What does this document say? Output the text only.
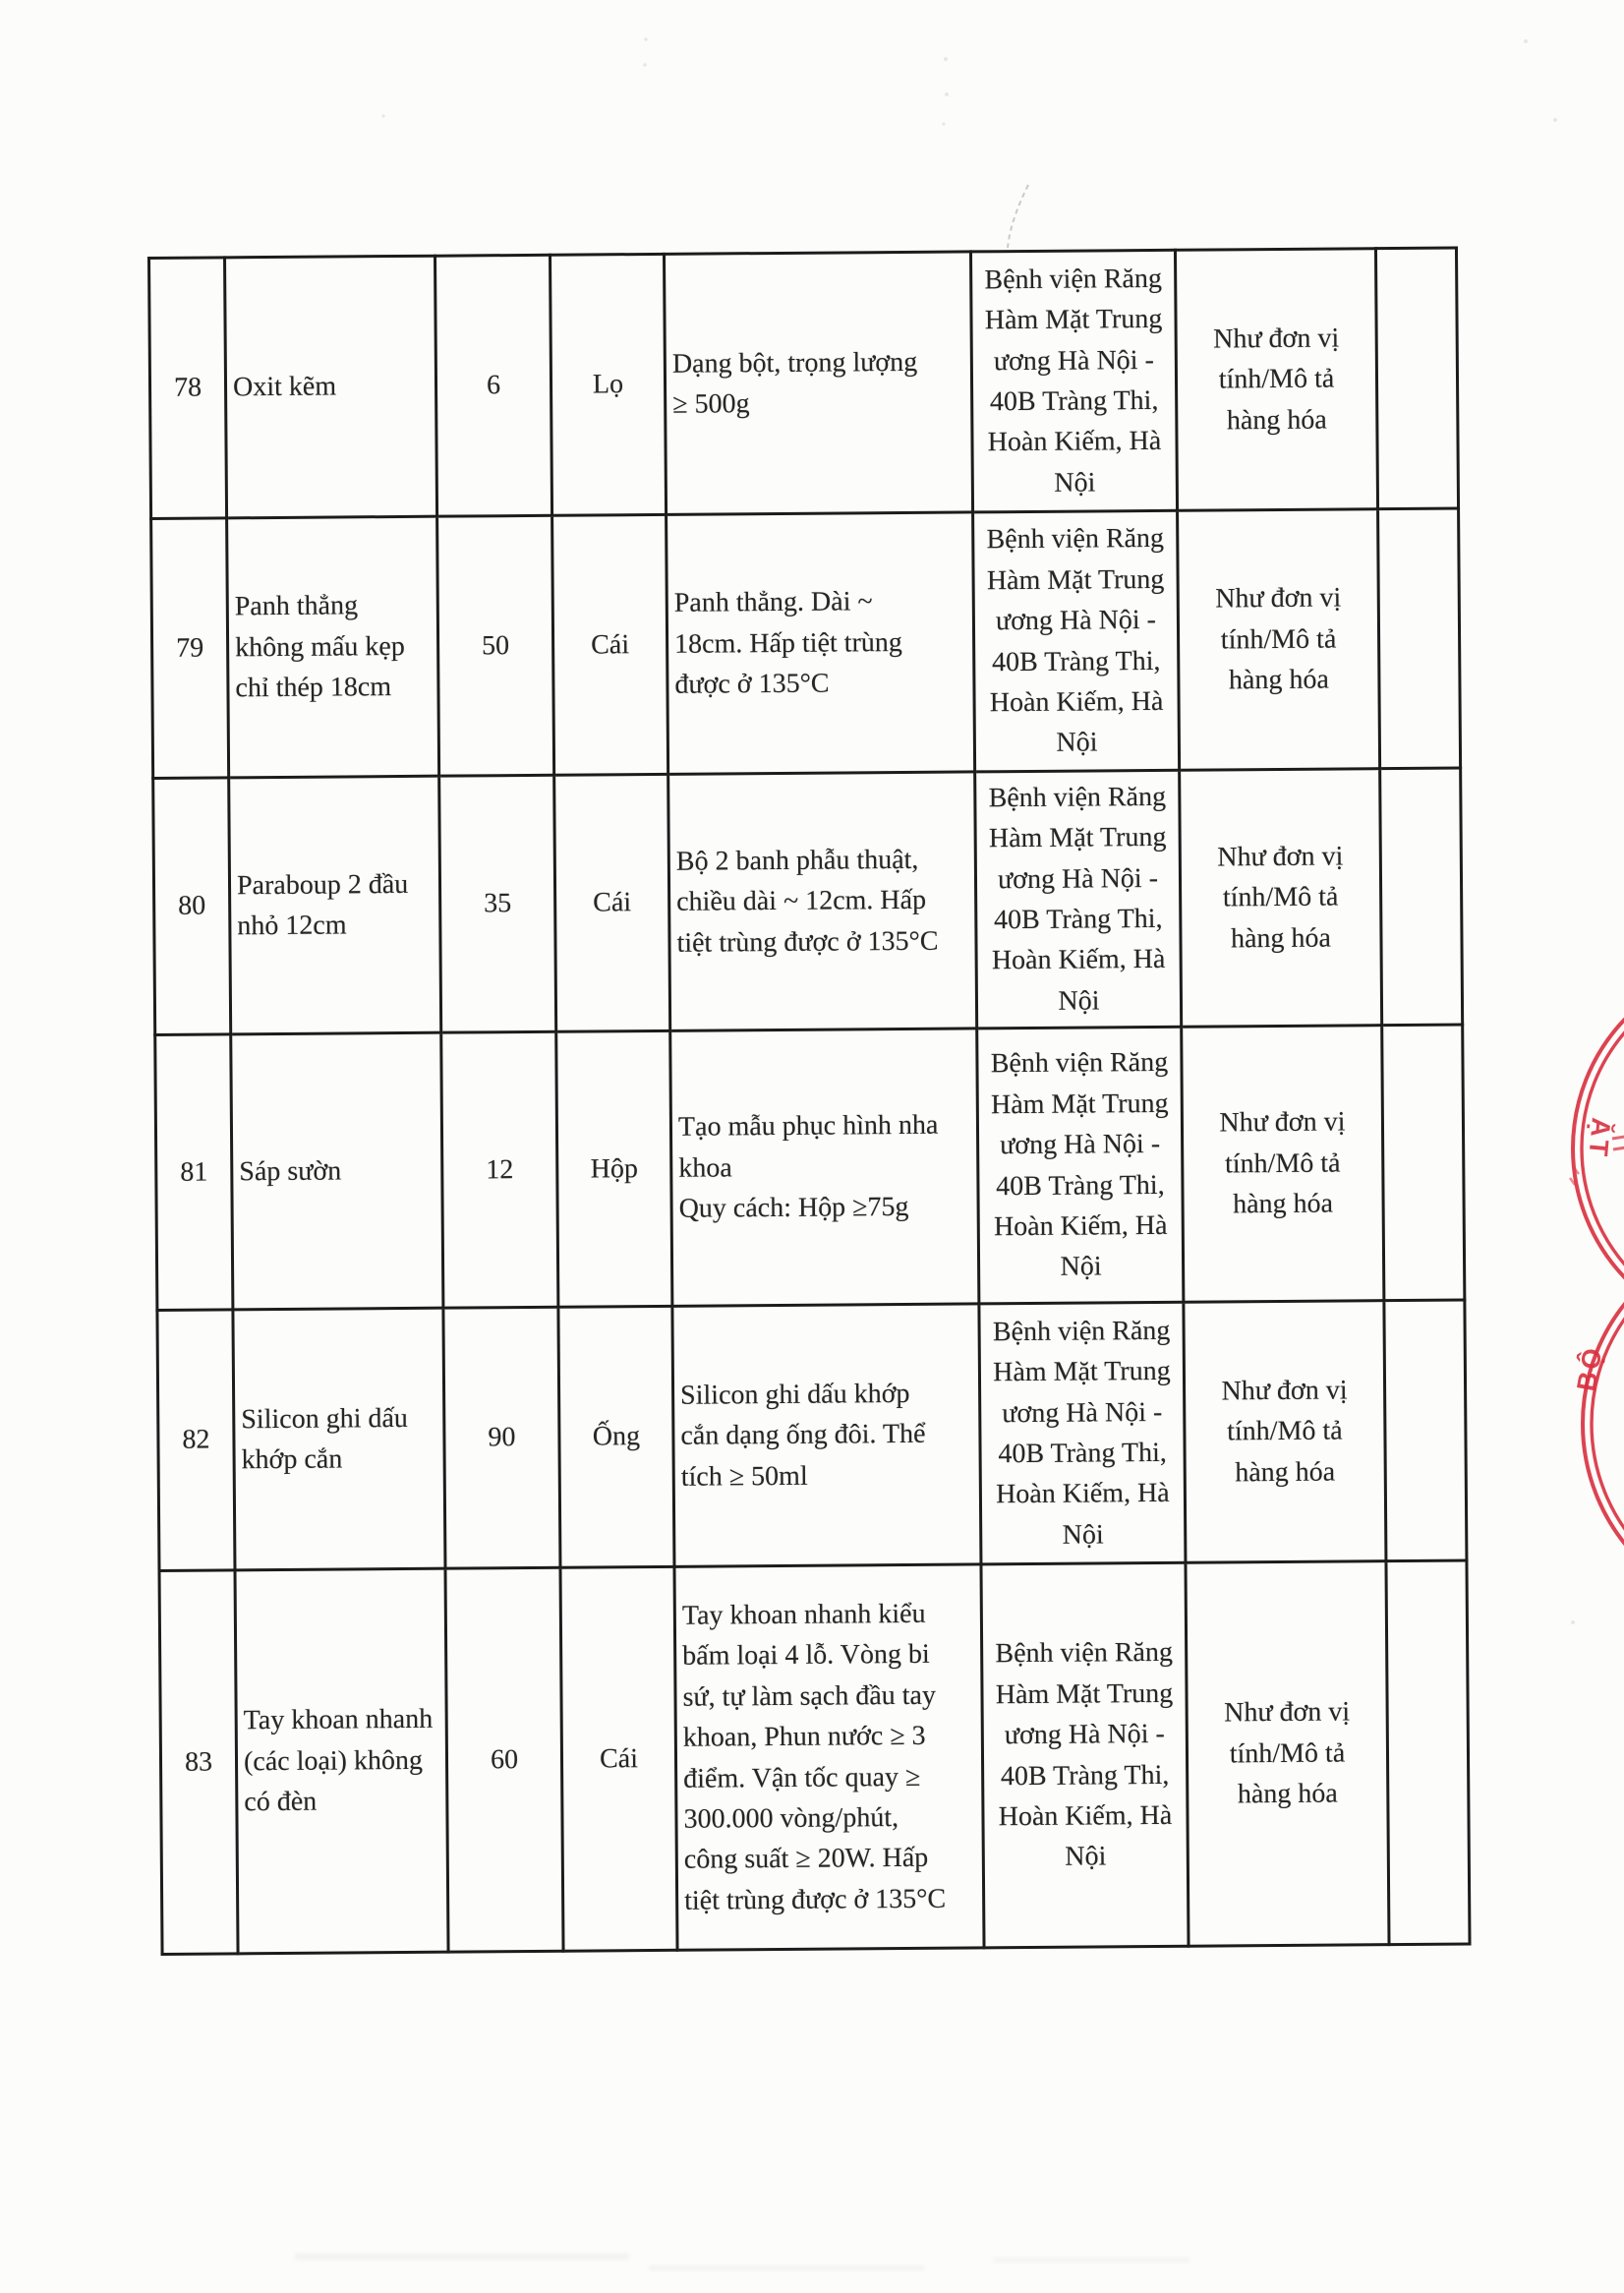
78	Oxit kẽm	6	Lọ	Dạng bột, trọng lượng
≥ 500g	Bệnh viện Răng
Hàm Mặt Trung
ương Hà Nội -
40B Tràng Thi,
Hoàn Kiếm, Hà
Nội	Như đơn vị
tính/Mô tả
hàng hóa	
79	Panh thẳng
không mấu kẹp
chỉ thép 18cm	50	Cái	Panh thẳng. Dài ~
18cm. Hấp tiệt trùng
được ở 135°C	Bệnh viện Răng
Hàm Mặt Trung
ương Hà Nội -
40B Tràng Thi,
Hoàn Kiếm, Hà
Nội	Như đơn vị
tính/Mô tả
hàng hóa	
80	Paraboup 2 đầu
nhỏ 12cm	35	Cái	Bộ 2 banh phẫu thuật,
chiều dài ~ 12cm. Hấp
tiệt trùng được ở 135°C	Bệnh viện Răng
Hàm Mặt Trung
ương Hà Nội -
40B Tràng Thi,
Hoàn Kiếm, Hà
Nội	Như đơn vị
tính/Mô tả
hàng hóa	
81	Sáp sườn	12	Hộp	Tạo mẫu phục hình nha
khoa
Quy cách: Hộp ≥75g	Bệnh viện Răng
Hàm Mặt Trung
ương Hà Nội -
40B Tràng Thi,
Hoàn Kiếm, Hà
Nội	Như đơn vị
tính/Mô tả
hàng hóa	
82	Silicon ghi dấu
khớp cắn	90	Ống	Silicon ghi dấu khớp
cắn dạng ống đôi. Thể
tích ≥ 50ml	Bệnh viện Răng
Hàm Mặt Trung
ương Hà Nội -
40B Tràng Thi,
Hoàn Kiếm, Hà
Nội	Như đơn vị
tính/Mô tả
hàng hóa	
83	Tay khoan nhanh
(các loại) không
có đèn	60	Cái	Tay khoan nhanh kiểu
bấm loại 4 lỗ. Vòng bi
sứ, tự làm sạch đầu tay
khoan, Phun nước ≥ 3
điểm. Vận tốc quay ≥
300.000 vòng/phút,
công suất ≥ 20W. Hấp
tiệt trùng được ở 135°C	Bệnh viện Răng
Hàm Mặt Trung
ương Hà Nội -
40B Tràng Thi,
Hoàn Kiếm, Hà
Nội	Như đơn vị
tính/Mô tả
hàng hóa	
ẶT
BỘ
